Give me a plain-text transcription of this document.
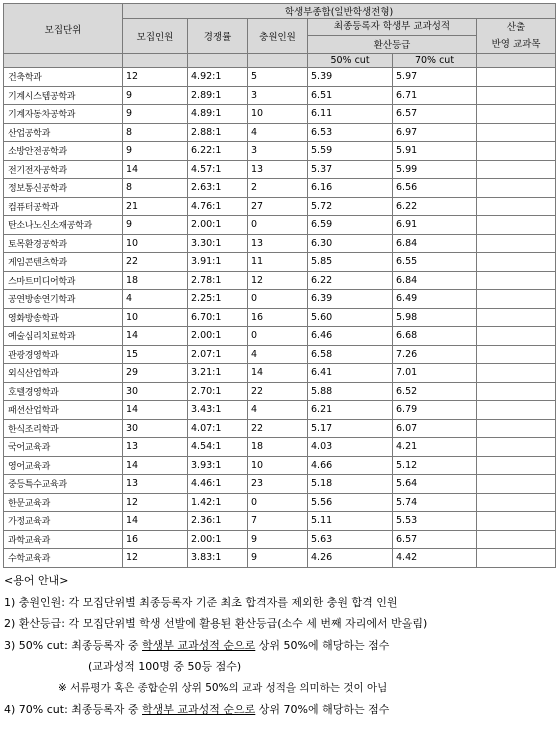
모집단위	학생부종합(일반학생전형)					
	모집인원	경쟁률	충원인원	최종등록자 학생부 교과성적		산출
반영 교과목

				환산등급		
				50% cut	70% cut	
건축학과	12	4.92:1	5	5.39	5.97	
기계시스템공학과	9	2.89:1	3	6.51	6.71	
기계자동차공학과	9	4.89:1	10	6.11	6.57	
산업공학과	8	2.88:1	4	6.53	6.97	
소방안전공학과	9	6.22:1	3	5.59	5.91	
전기전자공학과	14	4.57:1	13	5.37	5.99	
정보통신공학과	8	2.63:1	2	6.16	6.56	
컴퓨터공학과	21	4.76:1	27	5.72	6.22	
탄소나노신소재공학과	9	2.00:1	0	6.59	6.91	
토목환경공학과	10	3.30:1	13	6.30	6.84	
게임콘텐츠학과	22	3.91:1	11	5.85	6.55	
스마트미디어학과	18	2.78:1	12	6.22	6.84	
공연방송연기학과	4	2.25:1	0	6.39	6.49	
영화방송학과	10	6.70:1	16	5.60	5.98	
예술심리치료학과	14	2.00:1	0	6.46	6.68	
관광경영학과	15	2.07:1	4	6.58	7.26	
외식산업학과	29	3.21:1	14	6.41	7.01	
호텔경영학과	30	2.70:1	22	5.88	6.52	
패션산업학과	14	3.43:1	4	6.21	6.79	
한식조리학과	30	4.07:1	22	5.17	6.07	
국어교육과	13	4.54:1	18	4.03	4.21	
영어교육과	14	3.93:1	10	4.66	5.12	
중등특수교육과	13	4.46:1	23	5.18	5.64	
한문교육과	12	1.42:1	0	5.56	5.74	
가정교육과	14	2.36:1	7	5.11	5.53	
과학교육과	16	2.00:1	9	5.63	6.57	
수학교육과	12	3.83:1	9	4.26	4.42	
<용어 안내>
1) 충원인원: 각 모집단위별 최종등록자 기준 최초 합격자를 제외한 충원 합격 인원
2) 환산등급: 각 모집단위별 학생 선발에 활용된 환산등급(소수 세 번째 자리에서 반올림)
3) 50% cut: 최종등록자 중 학생부 교과성적 순으로 상위 50%에 해당하는 점수
(교과성적 100명 중 50등 점수)
※ 서류평가 혹은 종합순위 상위 50%의 교과 성적을 의미하는 것이 아님
4) 70% cut: 최종등록자 중 학생부 교과성적 순으로 상위 70%에 해당하는 점수
